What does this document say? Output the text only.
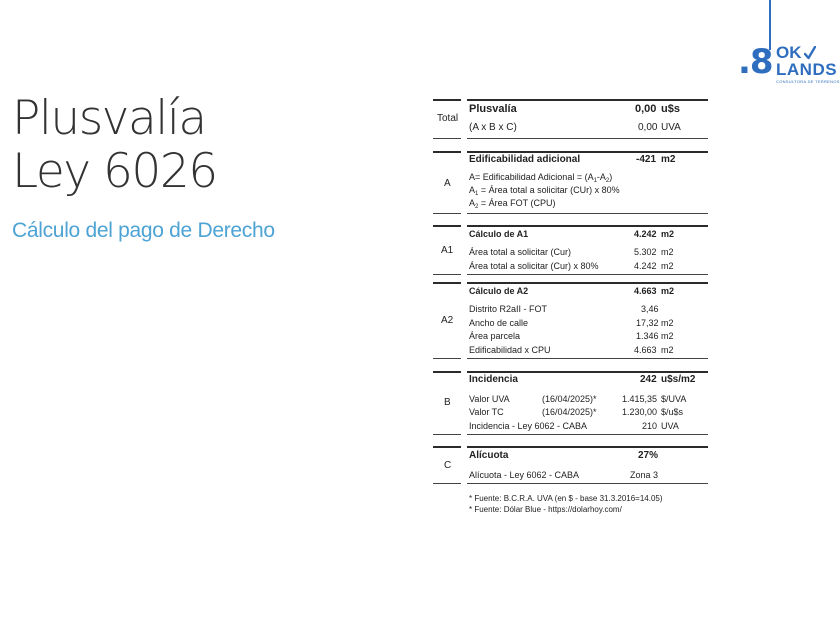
.8 OK
LANDS
CONSULTORA DE TERRENOS
Plusvalía
Ley 6026
Cálculo del pago de Derecho
Total
Plusvalía	0,00 u$s
(A x B x C)	0,00 UVA
A
Edificabilidad adicional	-421 m2
A= Edificabilidad Adicional = $(A_1-A_2)$
$A_1$ = Área total a solicitar (CUr) x 80%
$A_2$ = Área FOT (CPU)
A1
Cálculo de A1	4.242 m2
Área total a solicitar (Cur)	5.302 m2
Área total a solicitar (Cur) x 80%	4.242 m2
A2
Cálculo de A2	4.663 m2
Distrito R2aII - FOT	3,46
Ancho de calle	17,32 m2
Área parcela	1.346 m2
Edificabilidad x CPU	4.663 m2
B
Incidencia	242 u$s/m2
Valor UVA	(16/04/2025)*	1.415,35 $/UVA
Valor TC	(16/04/2025)*	1.230,00 $/u$s
Incidencia - Ley 6062 - CABA	210 UVA
C
Alícuota	27%
Alícuota - Ley 6062 - CABA	Zona 3
* Fuente: B.C.R.A. UVA (en $ - base 31.3.2016=14.05)
* Fuente: Dólar Blue - https://dolarhoy.com/
